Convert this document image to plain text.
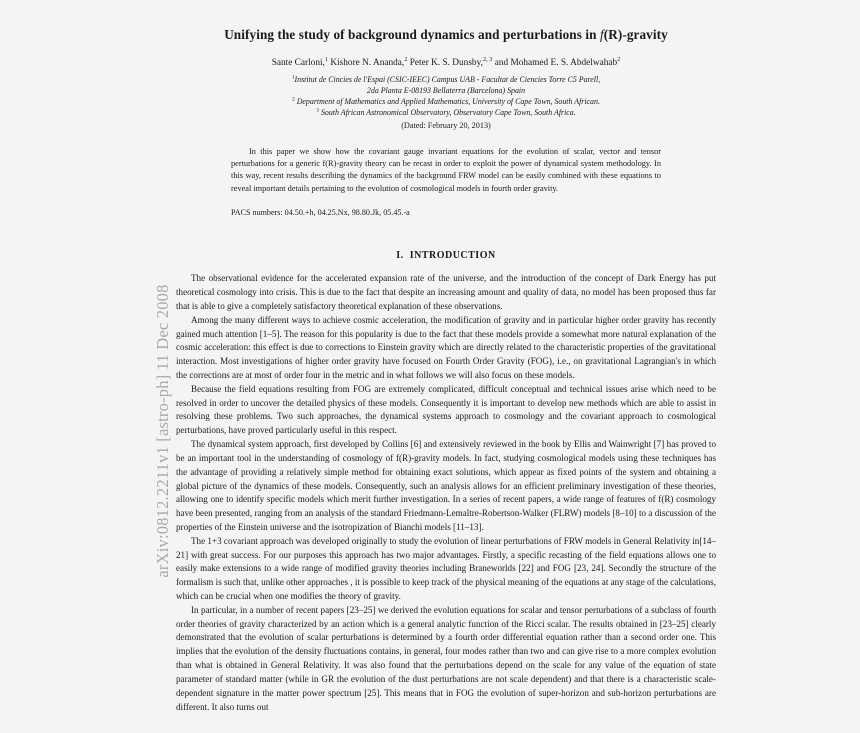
arXiv:0812.2211v1 [astro-ph] 11 Dec 2008
Unifying the study of background dynamics and perturbations in f(R)-gravity
Sante Carloni,$^1$ Kishore N. Ananda,$^2$ Peter K. S. Dunsby,$^{2, 3}$ and Mohamed E. S. Abdelwahab$^2$
$^1$Institut de Cincies de l'Espai (CSIC-IEEC) Campus UAB - Facultat de Ciencies Torre C5 Parell,
2da Planta E-08193 Bellaterra (Barcelona) Spain
$^2$ Department of Mathematics and Applied Mathematics, University of Cape Town, South African.
$^3$ South African Astronomical Observatory, Observatory Cape Town, South Africa.
(Dated: February 20, 2013)

In this paper we show how the covariant gauge invariant equations for the evolution of scalar, vector and tensor perturbations for a generic f(R)-gravity theory can be recast in order to exploit the power of dynamical system methodology. In this way, recent results describing the dynamics of the background FRW model can be easily combined with these equations to reveal important details pertaining to the evolution of cosmological models in fourth order gravity.

PACS numbers: 04.50.+h, 04.25.Nx, 98.80.Jk, 05.45.-a
I. INTRODUCTION

The observational evidence for the accelerated expansion rate of the universe, and the introduction of the concept of Dark Energy has put theoretical cosmology into crisis. This is due to the fact that despite an increasing amount and quality of data, no model has been proposed thus far that is able to give a completely satisfactory theoretical explanation of these observations.

Among the many different ways to achieve cosmic acceleration, the modification of gravity and in particular higher order gravity has recently gained much attention [1–5]. The reason for this popularity is due to the fact that these models provide a somewhat more natural explanation of the cosmic acceleration: this effect is due to corrections to Einstein gravity which are directly related to the characteristic properties of the gravitational interaction. Most investigations of higher order gravity have focused on Fourth Order Gravity (FOG), i.e., on gravitational Lagrangian's in which the corrections are at most of order four in the metric and in what follows we will also focus on these models.

Because the field equations resulting from FOG are extremely complicated, difficult conceptual and technical issues arise which need to be resolved in order to uncover the detailed physics of these models. Consequently it is important to develop new methods which are able to assist in resolving these problems. Two such approaches, the dynamical systems approach to cosmology and the covariant approach to cosmological perturbations, have proved particularly useful in this respect.

The dynamical system approach, first developed by Collins [6] and extensively reviewed in the book by Ellis and Wainwright [7] has proved to be an important tool in the understanding of cosmology of f(R)-gravity models. In fact, studying cosmological models using these techniques has the advantage of providing a relatively simple method for obtaining exact solutions, which appear as fixed points of the system and obtaining a global picture of the dynamics of these models. Consequently, such an analysis allows for an efficient preliminary investigation of these theories, allowing one to identify specific models which merit further investigation. In a series of recent papers, a wide range of features of f(R) cosmology have been presented, ranging from an analysis of the standard Friedmann-Lemaître-Robertson-Walker (FLRW) models [8–10] to a discussion of the properties of the Einstein universe and the isotropization of Bianchi models [11–13].

The 1+3 covariant approach was developed originally to study the evolution of linear perturbations of FRW models in General Relativity in[14–21] with great success. For our purposes this approach has two major advantages. Firstly, a specific recasting of the field equations allows one to easily make extensions to a wide range of modified gravity theories including Braneworlds [22] and FOG [23, 24]. Secondly the structure of the formalism is such that, unlike other approaches , it is possible to keep track of the physical meaning of the equations at any stage of the calculations, which can be crucial when one modifies the theory of gravity.

In particular, in a number of recent papers [23–25] we derived the evolution equations for scalar and tensor perturbations of a subclass of fourth order theories of gravity characterized by an action which is a general analytic function of the Ricci scalar. The results obtained in [23–25] clearly demonstrated that the evolution of scalar perturbations is determined by a fourth order differential equation rather than a second order one. This implies that the evolution of the density fluctuations contains, in general, four modes rather than two and can give rise to a more complex evolution than what is obtained in General Relativity. It was also found that the perturbations depend on the scale for any value of the equation of state parameter of standard matter (while in GR the evolution of the dust perturbations are not scale dependent) and that there is a characteristic scale-dependent signature in the matter power spectrum [25]. This means that in FOG the evolution of super-horizon and sub-horizon perturbations are different. It also turns out
